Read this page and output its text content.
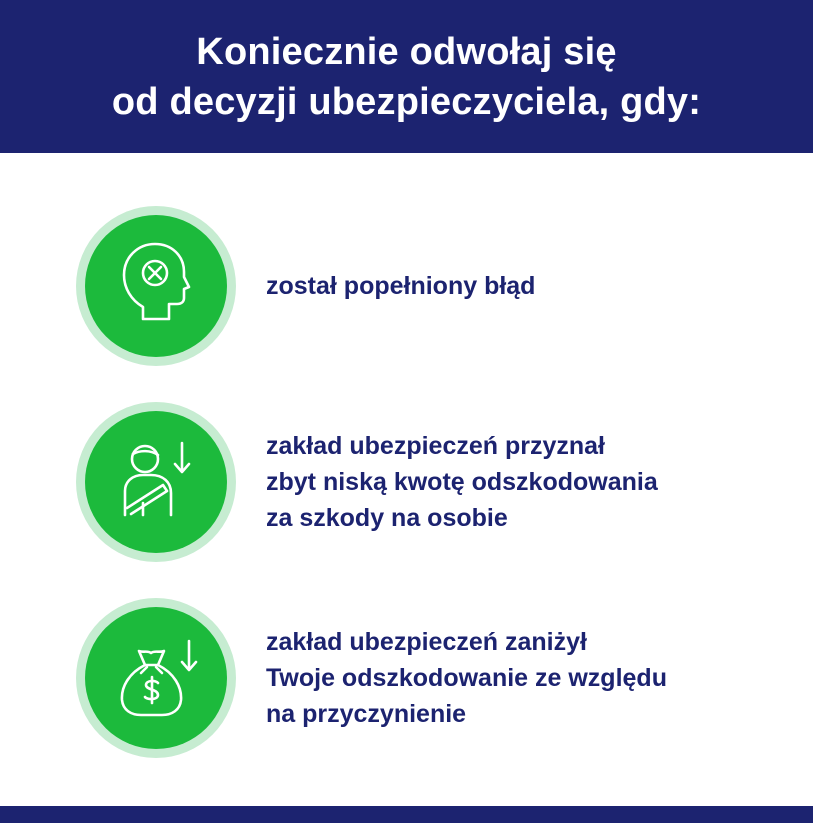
Koniecznie odwołaj się
od decyzji ubezpieczyciela, gdy:
został popełniony błąd
zakład ubezpieczeń przyznał
zbyt niską kwotę odszkodowania
za szkody na osobie
zakład ubezpieczeń zaniżył
Twoje odszkodowanie ze względu
na przyczynienie
